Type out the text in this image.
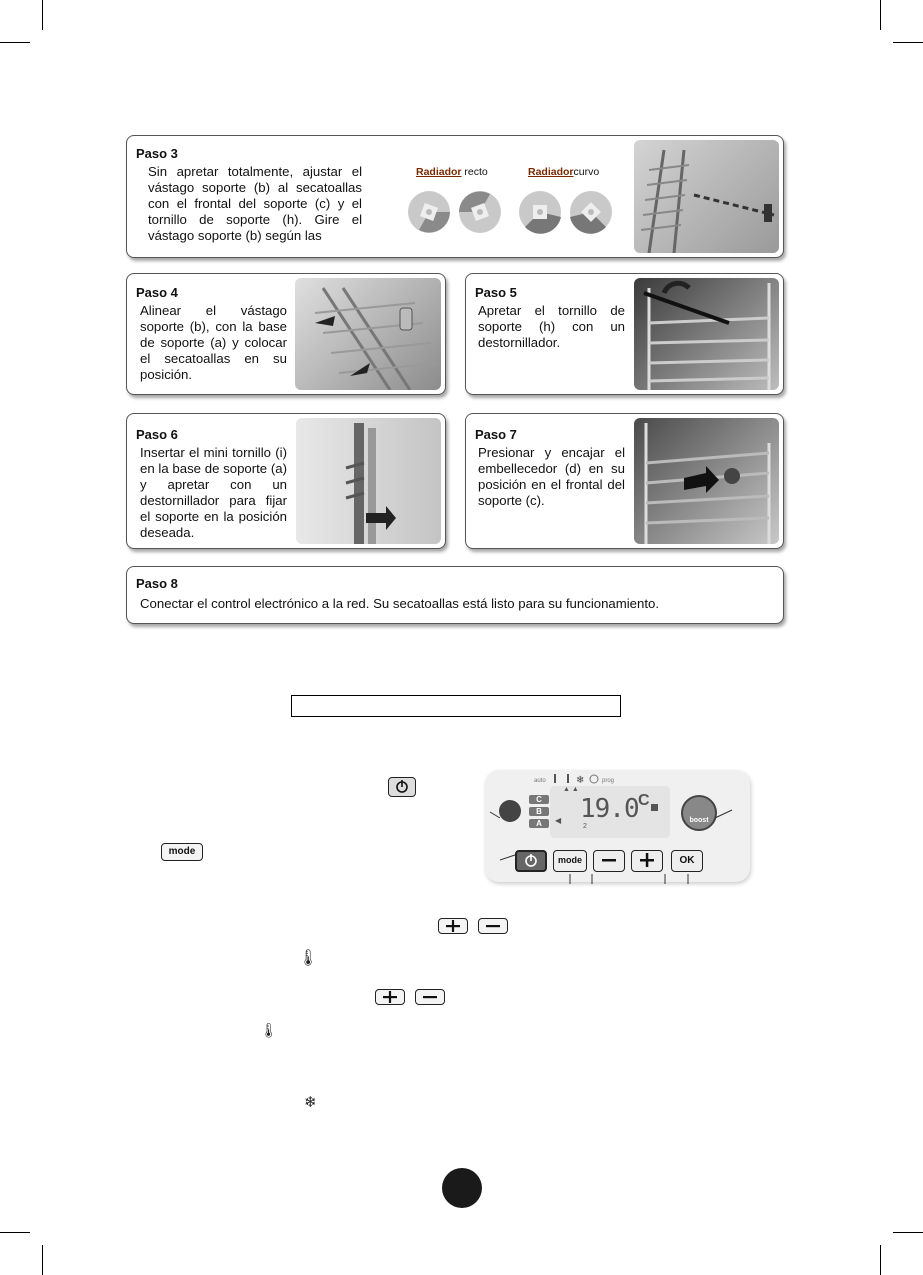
Paso 3
Sin apretar totalmente, ajustar el vástago soporte (b) al secatoallas con el frontal del soporte (c) y el tornillo de soporte (h). Gire el vástago soporte (b) según las
Radiador recto	Radiadorcurvo
Paso 4
Alinear el vástago soporte (b), con la base de soporte (a) y colocar el secatoallas en su posición.
Paso 5
Apretar el tornillo de soporte (h) con un destornillador.
Paso 6
Insertar el mini tornillo (i) en la base de soporte (a) y apretar con un destornillador para fijar el soporte en la posición deseada.
Paso 7
Presionar y encajar el embellecedor (d) en su posición en el frontal del soporte (c).
Paso 8
Conectar el control electrónico a la red. Su secatoallas está listo para su funcionamiento.
mode
auto	❄	prog
C
B
A 19.0 C
2
◀
▲ ▲
boost
mode	OK
🌡︎
🌡︎
❄
